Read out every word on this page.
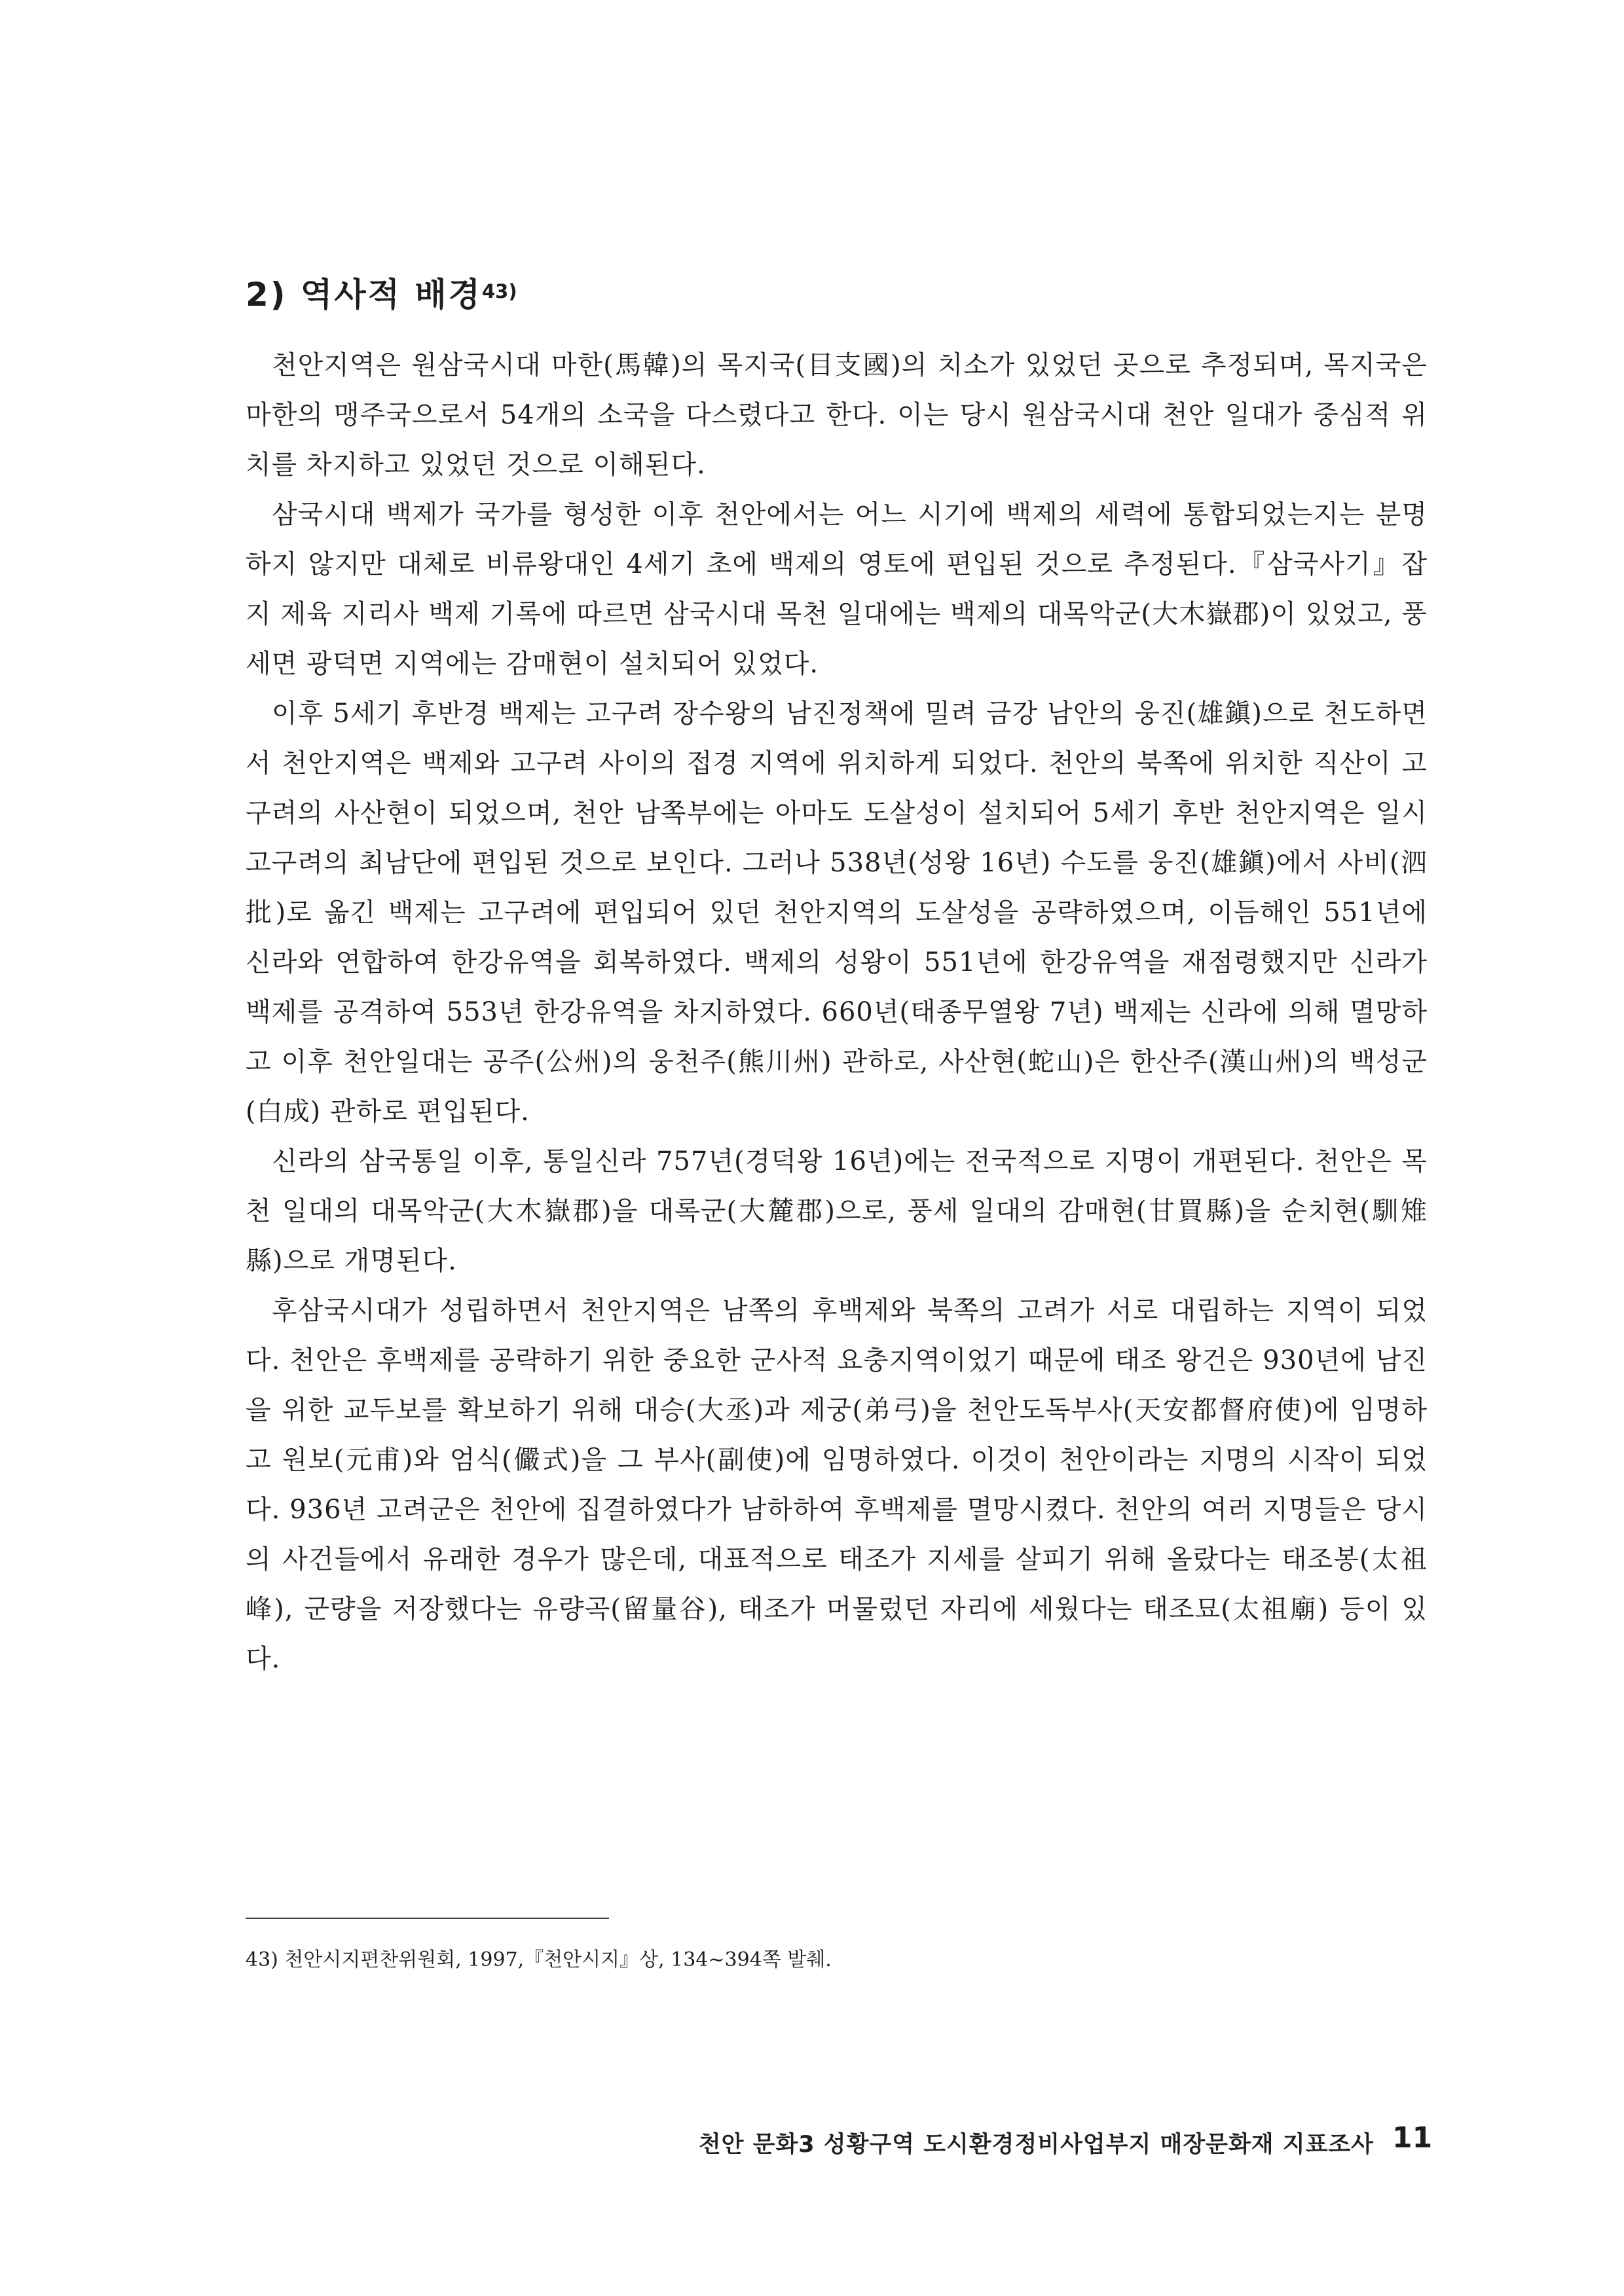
2) 역사적 배경$^{43)}$

천안지역은 원삼국시대 마한(馬韓)의 목지국(目支國)의 치소가 있었던 곳으로 추정되며, 목지국은 마한의 맹주국으로서 54개의 소국을 다스렸다고 한다. 이는 당시 원삼국시대 천안 일대가 중심적 위치를 차지하고 있었던 것으로 이해된다.

삼국시대 백제가 국가를 형성한 이후 천안에서는 어느 시기에 백제의 세력에 통합되었는지는 분명하지 않지만 대체로 비류왕대인 4세기 초에 백제의 영토에 편입된 것으로 추정된다.『삼국사기』잡지 제육 지리사 백제 기록에 따르면 삼국시대 목천 일대에는 백제의 대목악군(大木嶽郡)이 있었고, 풍세면 광덕면 지역에는 감매현이 설치되어 있었다.

이후 5세기 후반경 백제는 고구려 장수왕의 남진정책에 밀려 금강 남안의 웅진(雄鎭)으로 천도하면서 천안지역은 백제와 고구려 사이의 접경 지역에 위치하게 되었다. 천안의 북쪽에 위치한 직산이 고구려의 사산현이 되었으며, 천안 남쪽부에는 아마도 도살성이 설치되어 5세기 후반 천안지역은 일시 고구려의 최남단에 편입된 것으로 보인다. 그러나 538년(성왕 16년) 수도를 웅진(雄鎭)에서 사비(泗批)로 옮긴 백제는 고구려에 편입되어 있던 천안지역의 도살성을 공략하였으며, 이듬해인 551년에 신라와 연합하여 한강유역을 회복하였다. 백제의 성왕이 551년에 한강유역을 재점령했지만 신라가 백제를 공격하여 553년 한강유역을 차지하였다. 660년(태종무열왕 7년) 백제는 신라에 의해 멸망하고 이후 천안일대는 공주(公州)의 웅천주(熊川州) 관하로, 사산현(蛇山)은 한산주(漢山州)의 백성군(白成) 관하로 편입된다.

신라의 삼국통일 이후, 통일신라 757년(경덕왕 16년)에는 전국적으로 지명이 개편된다. 천안은 목천 일대의 대목악군(大木嶽郡)을 대록군(大麓郡)으로, 풍세 일대의 감매현(甘買縣)을 순치현(馴雉縣)으로 개명된다.

후삼국시대가 성립하면서 천안지역은 남쪽의 후백제와 북쪽의 고려가 서로 대립하는 지역이 되었다. 천안은 후백제를 공략하기 위한 중요한 군사적 요충지역이었기 때문에 태조 왕건은 930년에 남진을 위한 교두보를 확보하기 위해 대승(大丞)과 제궁(弟弓)을 천안도독부사(天安都督府使)에 임명하고 원보(元甫)와 엄식(儼式)을 그 부사(副使)에 임명하였다. 이것이 천안이라는 지명의 시작이 되었다. 936년 고려군은 천안에 집결하였다가 남하하여 후백제를 멸망시켰다. 천안의 여러 지명들은 당시의 사건들에서 유래한 경우가 많은데, 대표적으로 태조가 지세를 살피기 위해 올랐다는 태조봉(太祖峰), 군량을 저장했다는 유량곡(留量谷), 태조가 머물렀던 자리에 세웠다는 태조묘(太祖廟) 등이 있다.

43) 천안시지편찬위원회, 1997,『천안시지』상, 134~394쪽 발췌.
천안 문화3 성황구역 도시환경정비사업부지 매장문화재 지표조사 11
